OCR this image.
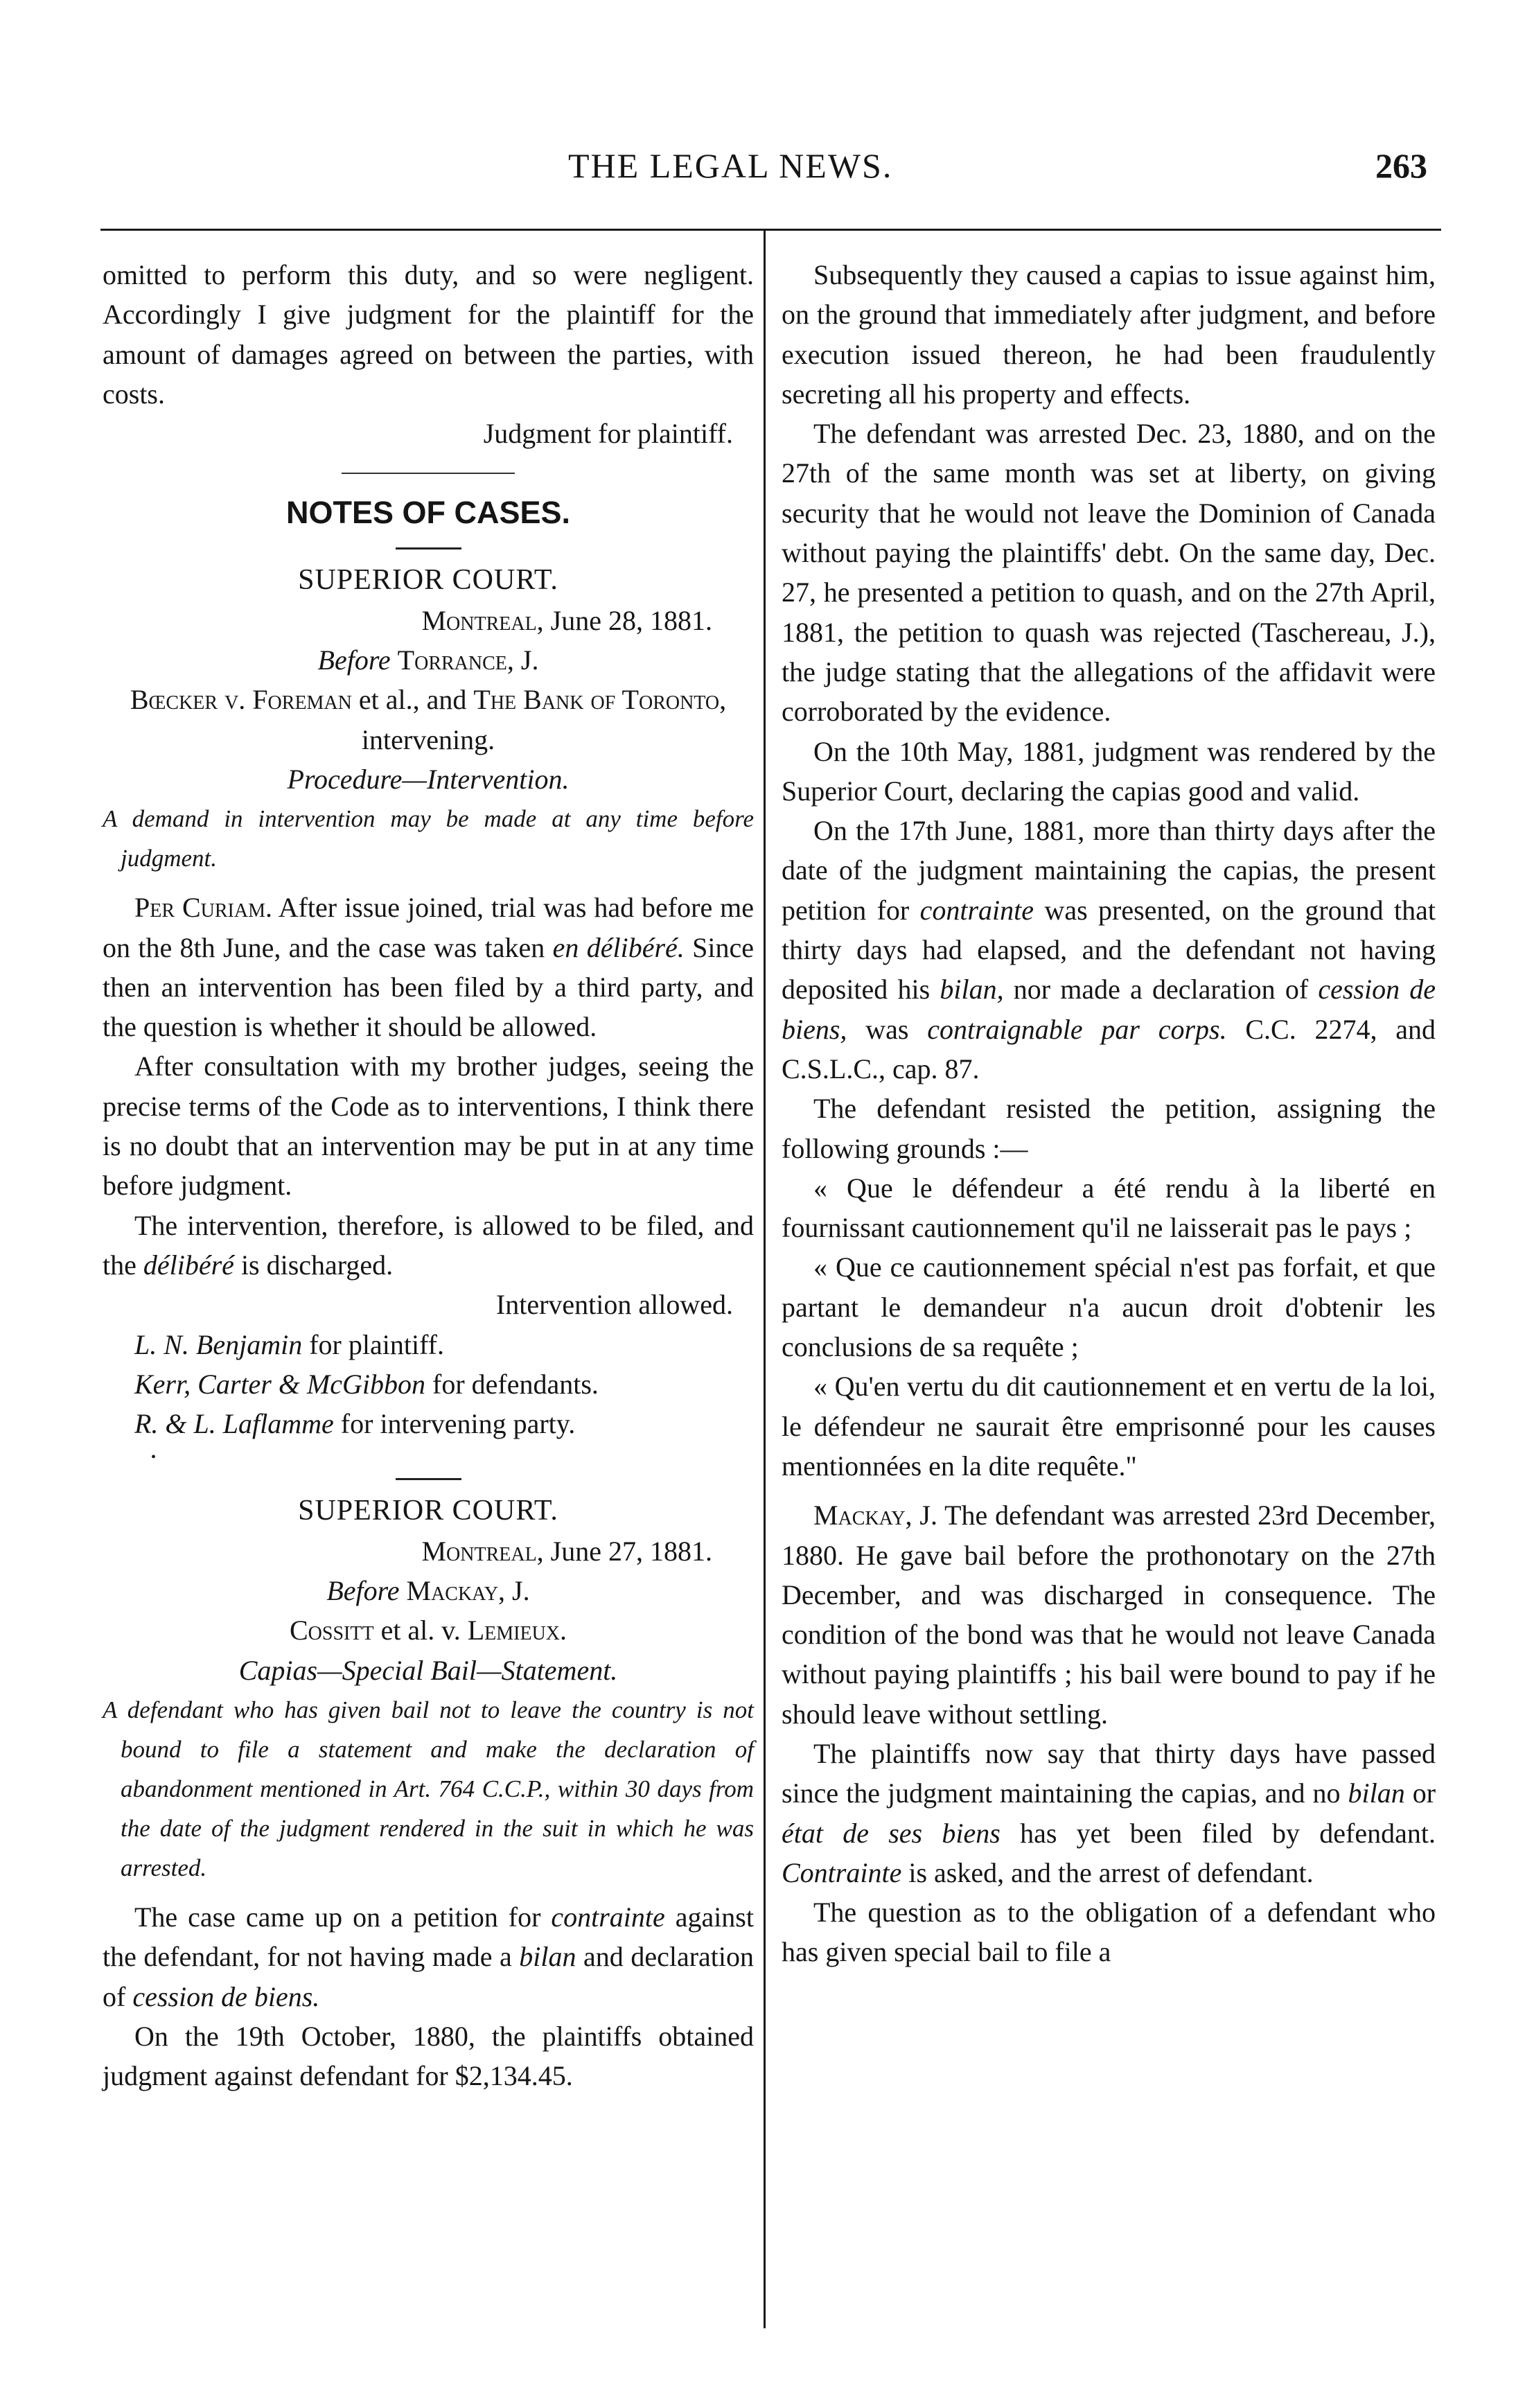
THE LEGAL NEWS.	263

omitted to perform this duty, and so were negligent. Accordingly I give judgment for the plaintiff for the amount of damages agreed on between the parties, with costs.

Judgment for plaintiff.

NOTES OF CASES.
SUPERIOR COURT.

Montreal, June 28, 1881.

Before Torrance, J.

Bœcker v. Foreman et al., and The Bank of Toronto, intervening.

Procedure—Intervention.

A demand in intervention may be made at any time before judgment.

Per Curiam. After issue joined, trial was had before me on the 8th June, and the case was taken en délibéré. Since then an intervention has been filed by a third party, and the question is whether it should be allowed.

After consultation with my brother judges, seeing the precise terms of the Code as to interventions, I think there is no doubt that an intervention may be put in at any time before judgment.

The intervention, therefore, is allowed to be filed, and the délibéré is discharged.

Intervention allowed.

L. N. Benjamin for plaintiff.

Kerr, Carter & McGibbon for defendants.

R. & L. Laflamme for intervening party.

•
SUPERIOR COURT.

Montreal, June 27, 1881.

Before Mackay, J.

Cossitt et al. v. Lemieux.

Capias—Special Bail—Statement.

A defendant who has given bail not to leave the country is not bound to file a statement and make the declaration of abandonment mentioned in Art. 764 C.C.P., within 30 days from the date of the judgment rendered in the suit in which he was arrested.

The case came up on a petition for contrainte against the defendant, for not having made a bilan and declaration of cession de biens.

On the 19th October, 1880, the plaintiffs obtained judgment against defendant for $2,134.45.

Subsequently they caused a capias to issue against him, on the ground that immediately after judgment, and before execution issued thereon, he had been fraudulently secreting all his property and effects.

The defendant was arrested Dec. 23, 1880, and on the 27th of the same month was set at liberty, on giving security that he would not leave the Dominion of Canada without paying the plaintiffs' debt. On the same day, Dec. 27, he presented a petition to quash, and on the 27th April, 1881, the petition to quash was rejected (Taschereau, J.), the judge stating that the allegations of the affidavit were corroborated by the evidence.

On the 10th May, 1881, judgment was rendered by the Superior Court, declaring the capias good and valid.

On the 17th June, 1881, more than thirty days after the date of the judgment maintaining the capias, the present petition for contrainte was presented, on the ground that thirty days had elapsed, and the defendant not having deposited his bilan, nor made a declaration of cession de biens, was contraignable par corps. C.C. 2274, and C.S.L.C., cap. 87.

The defendant resisted the petition, assigning the following grounds :—

« Que le défendeur a été rendu à la liberté en fournissant cautionnement qu'il ne laisserait pas le pays ;

« Que ce cautionnement spécial n'est pas forfait, et que partant le demandeur n'a aucun droit d'obtenir les conclusions de sa requête ;

« Qu'en vertu du dit cautionnement et en vertu de la loi, le défendeur ne saurait être emprisonné pour les causes mentionnées en la dite requête."

Mackay, J. The defendant was arrested 23rd December, 1880. He gave bail before the prothonotary on the 27th December, and was discharged in consequence. The condition of the bond was that he would not leave Canada without paying plaintiffs ; his bail were bound to pay if he should leave without settling.

The plaintiffs now say that thirty days have passed since the judgment maintaining the capias, and no bilan or état de ses biens has yet been filed by defendant. Contrainte is asked, and the arrest of defendant.

The question as to the obligation of a defendant who has given special bail to file a
